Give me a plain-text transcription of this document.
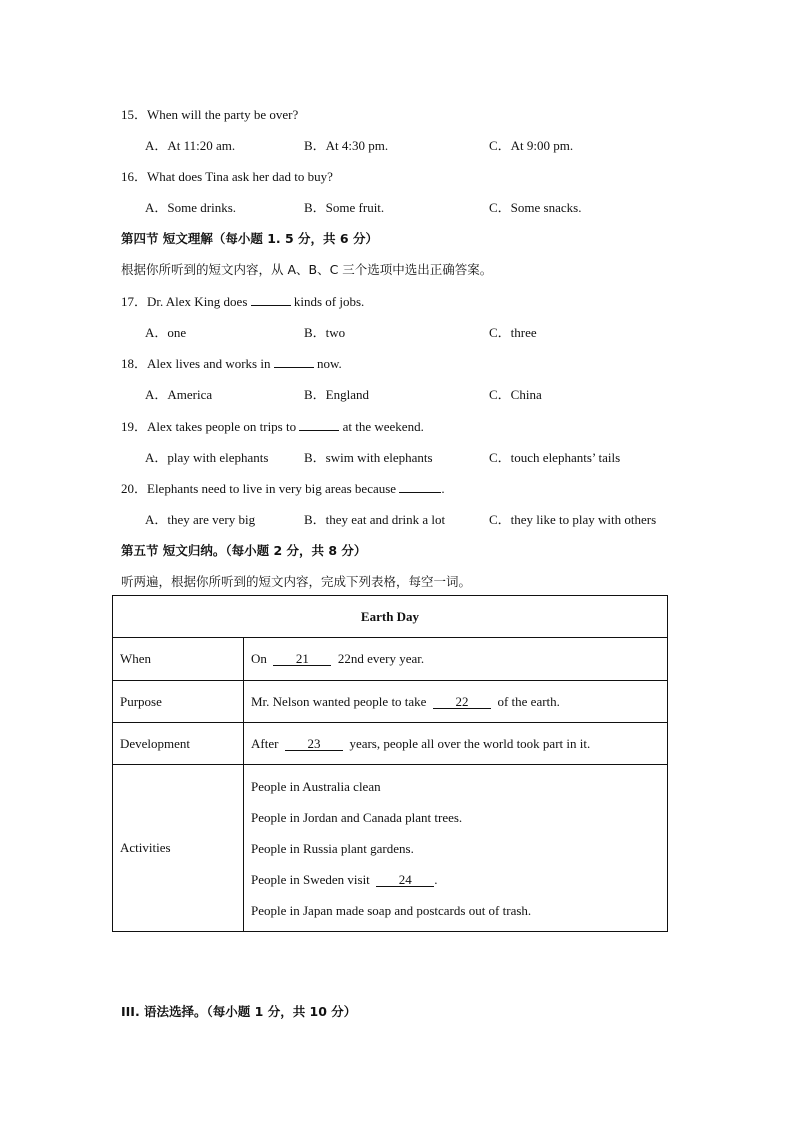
15．When will the party be over?
A．At 11:20 am.	B．At 4:30 pm.	C．At 9:00 pm.
16．What does Tina ask her dad to buy?
A．Some drinks.	B．Some fruit.	C．Some snacks.
第四节 短文理解（每小题 1. 5 分，共 6 分）
根据你所听到的短文内容，从 A、B、C 三个选项中选出正确答案。
17．Dr. Alex King does	kinds of jobs.
A．one	B．two	C．three
18．Alex lives and works in	now.
A．America	B．England	C．China
19．Alex takes people on trips to	at the weekend.
A．play with elephants	B．swim with elephants	C．touch elephants’ tails
20．Elephants need to live in very big areas because	.
A．they are very big	B．they eat and drink a lot	C．they like to play with others
第五节 短文归纳。（每小题 2 分，共 8 分）
听两遍，根据你所听到的短文内容，完成下列表格，每空一词。
Earth Day	
When	On 21 22nd every year.
Purpose	Mr. Nelson wanted people to take 22 of the earth.
Development	After 23 years, people all over the world took part in it.
Activities	People in Australia clean
People in Jordan and Canada plant trees.
People in Russia plant gardens.
People in Sweden visit 24 .
People in Japan made soap and postcards out of trash.
III. 语法选择。（每小题 1 分，共 10 分）
